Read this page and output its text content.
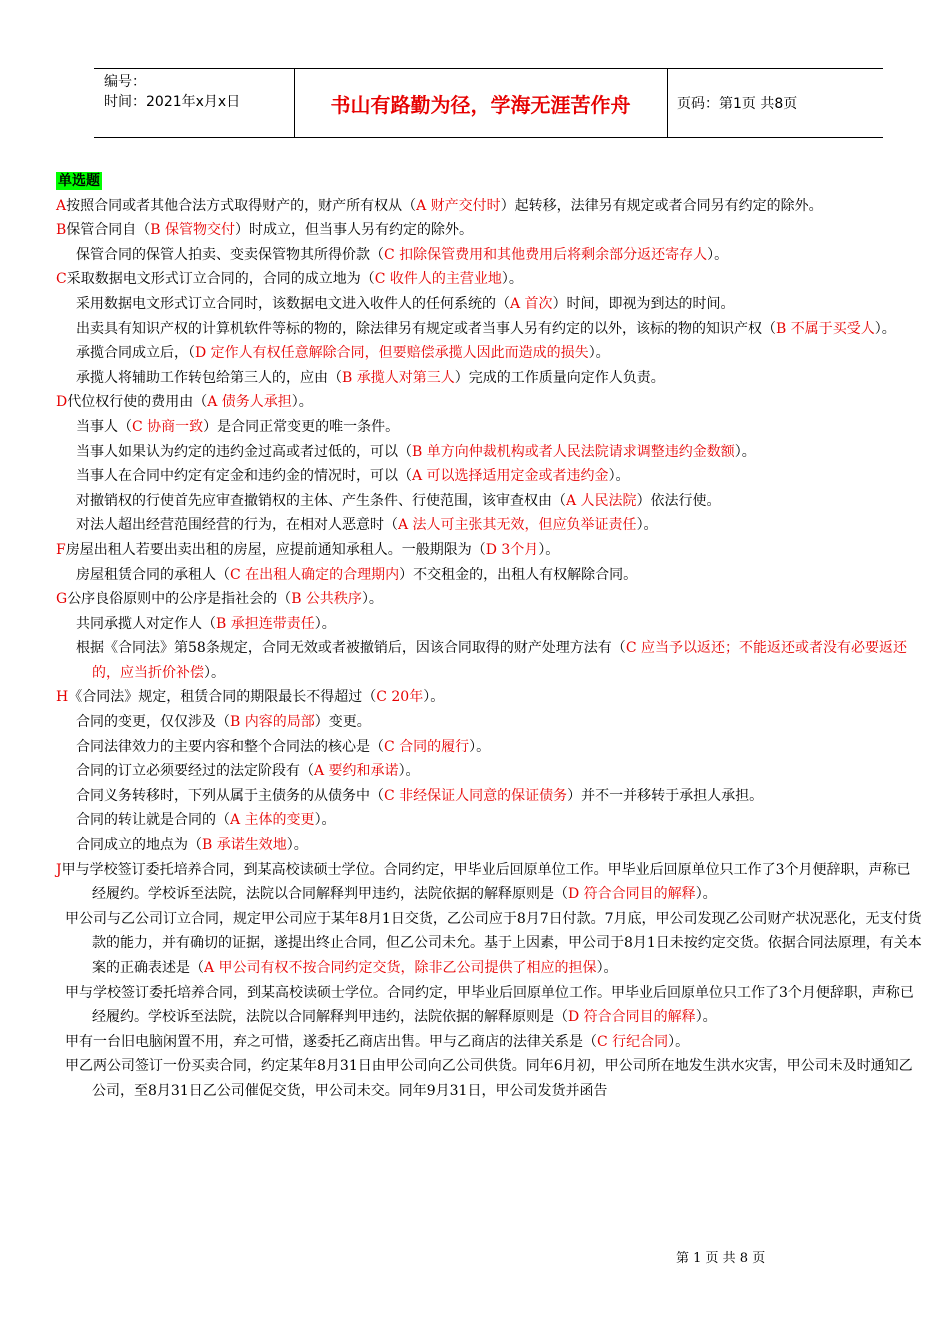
编号：
时间：2021年x月x日	书山有路勤为径，学海无涯苦作舟	页码：第1页 共8页
单选题
A按照合同或者其他合法方式取得财产的，财产所有权从（A 财产交付时）起转移，法律另有规定或者合同另有约定的除外。
B保管合同自（B 保管物交付）时成立，但当事人另有约定的除外。
保管合同的保管人拍卖、变卖保管物其所得价款（C 扣除保管费用和其他费用后将剩余部分返还寄存人）。
C采取数据电文形式订立合同的，合同的成立地为（C 收件人的主营业地）。
采用数据电文形式订立合同时，该数据电文进入收件人的任何系统的（A 首次）时间，即视为到达的时间。
出卖具有知识产权的计算机软件等标的物的，除法律另有规定或者当事人另有约定的以外，该标的物的知识产权（B 不属于买受人）。
承揽合同成立后，（D 定作人有权任意解除合同，但要赔偿承揽人因此而造成的损失）。
承揽人将辅助工作转包给第三人的，应由（B 承揽人对第三人）完成的工作质量向定作人负责。
D代位权行使的费用由（A 债务人承担）。
当事人（C 协商一致）是合同正常变更的唯一条件。
当事人如果认为约定的违约金过高或者过低的，可以（B 单方向仲裁机构或者人民法院请求调整违约金数额）。
当事人在合同中约定有定金和违约金的情况时，可以（A 可以选择适用定金或者违约金）。
对撤销权的行使首先应审查撤销权的主体、产生条件、行使范围，该审查权由（A 人民法院）依法行使。
对法人超出经营范围经营的行为，在相对人恶意时（A 法人可主张其无效，但应负举证责任）。
F房屋出租人若要出卖出租的房屋，应提前通知承租人。一般期限为（D 3个月）。
房屋租赁合同的承租人（C 在出租人确定的合理期内）不交租金的，出租人有权解除合同。
G公序良俗原则中的公序是指社会的（B 公共秩序）。
共同承揽人对定作人（B 承担连带责任）。
根据《合同法》第58条规定，合同无效或者被撤销后，因该合同取得的财产处理方法有（C 应当予以返还；不能返还或者没有必要返还的，应当折价补偿）。
H《合同法》规定，租赁合同的期限最长不得超过（C 20年）。
合同的变更，仅仅涉及（B 内容的局部）变更。
合同法律效力的主要内容和整个合同法的核心是（C 合同的履行）。
合同的订立必须要经过的法定阶段有（A 要约和承诺）。
合同义务转移时，下列从属于主债务的从债务中（C 非经保证人同意的保证债务）并不一并移转于承担人承担。
合同的转让就是合同的（A 主体的变更）。
合同成立的地点为（B 承诺生效地）。
J甲与学校签订委托培养合同，到某高校读硕士学位。合同约定，甲毕业后回原单位工作。甲毕业后回原单位只工作了3个月便辞职，声称已经履约。学校诉至法院，法院以合同解释判甲违约，法院依据的解释原则是（D 符合合同目的解释）。
甲公司与乙公司订立合同，规定甲公司应于某年8月1日交货，乙公司应于8月7日付款。7月底，甲公司发现乙公司财产状况恶化，无支付货款的能力，并有确切的证据，遂提出终止合同，但乙公司未允。基于上因素，甲公司于8月1日未按约定交货。依据合同法原理，有关本案的正确表述是（A 甲公司有权不按合同约定交货，除非乙公司提供了相应的担保）。
甲与学校签订委托培养合同，到某高校读硕士学位。合同约定，甲毕业后回原单位工作。甲毕业后回原单位只工作了3个月便辞职，声称已经履约。学校诉至法院，法院以合同解释判甲违约，法院依据的解释原则是（D 符合合同目的解释）。
甲有一台旧电脑闲置不用，弃之可惜，遂委托乙商店出售。甲与乙商店的法律关系是（C 行纪合同）。
甲乙两公司签订一份买卖合同，约定某年8月31日由甲公司向乙公司供货。同年6月初，甲公司所在地发生洪水灾害，甲公司未及时通知乙公司，至8月31日乙公司催促交货，甲公司未交。同年9月31日，甲公司发货并函告
第 1 页 共 8 页
